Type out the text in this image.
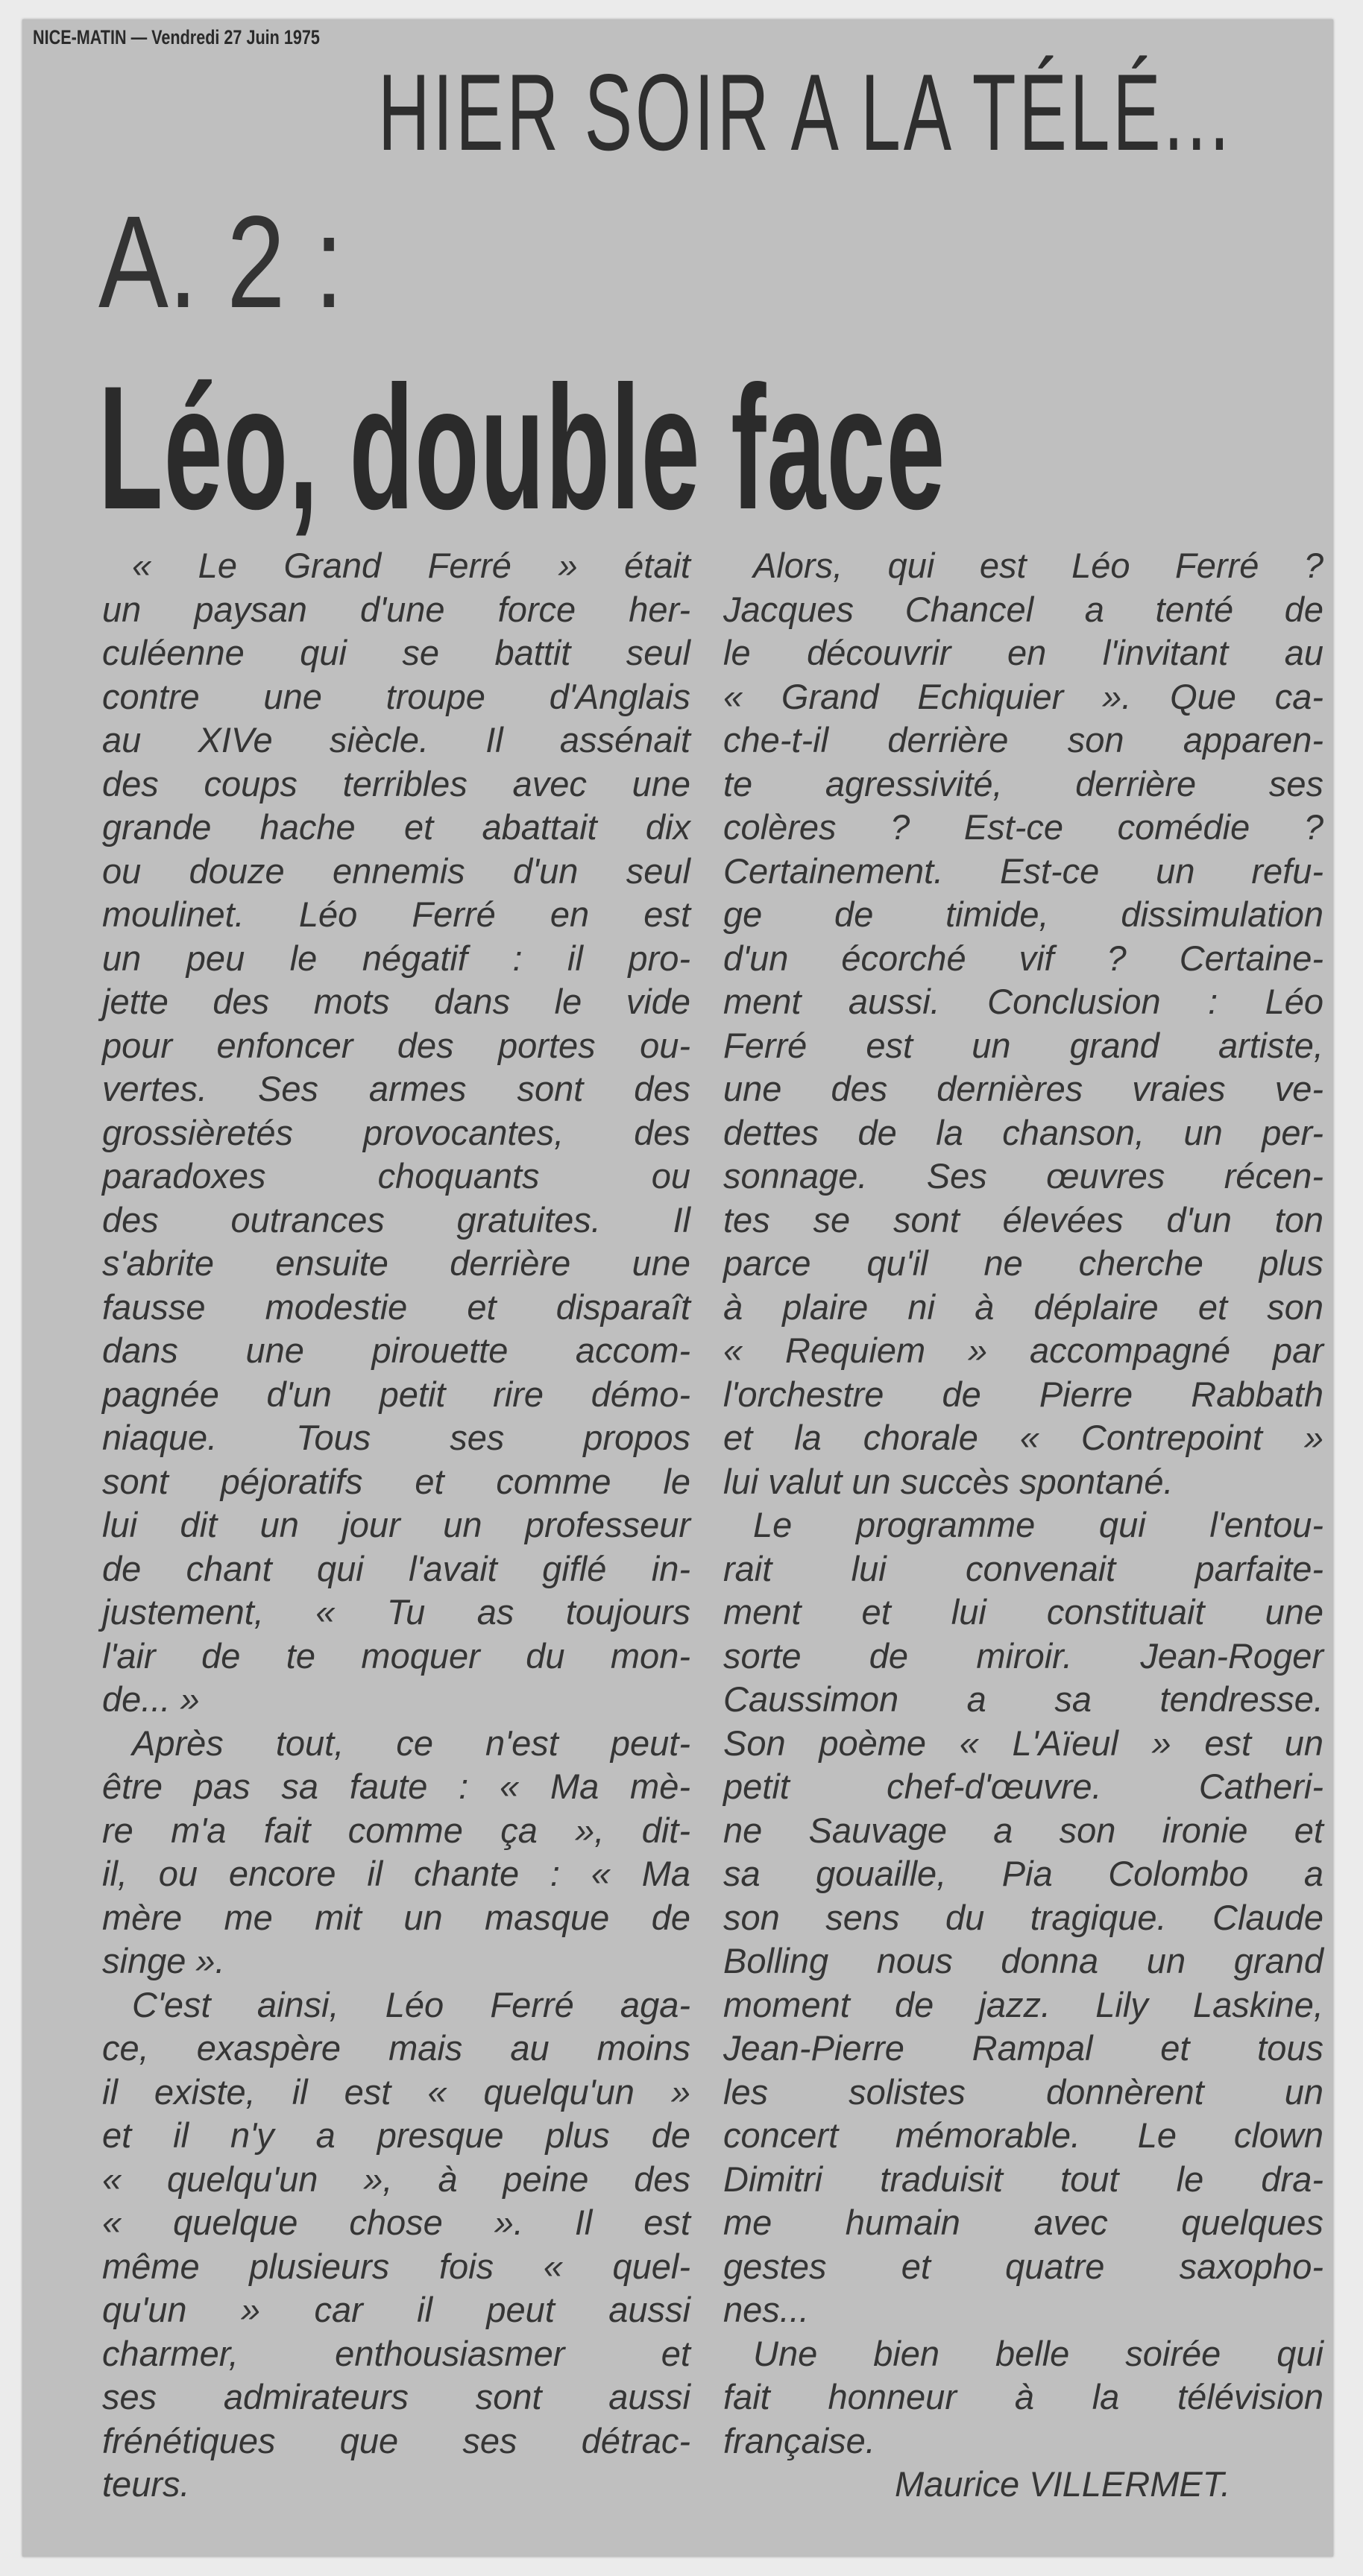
NICE-MATIN — Vendredi 27 Juin 1975
HIER SOIR A LA TÉLÉ...
A. 2 :
Léo, double face
« Le Grand Ferré » était
un paysan d'une force her-
culéenne qui se battit seul
contre une troupe d'Anglais
au XIVe siècle. Il assénait
des coups terribles avec une
grande hache et abattait dix
ou douze ennemis d'un seul
moulinet. Léo Ferré en est
un peu le négatif : il pro-
jette des mots dans le vide
pour enfoncer des portes ou-
vertes. Ses armes sont des
grossièretés provocantes, des
paradoxes choquants ou
des outrances gratuites. Il
s'abrite ensuite derrière une
fausse modestie et disparaît
dans une pirouette accom-
pagnée d'un petit rire démo-
niaque. Tous ses propos
sont péjoratifs et comme le
lui dit un jour un professeur
de chant qui l'avait giflé in-
justement, « Tu as toujours
l'air de te moquer du mon-
de... »
Après tout, ce n'est peut-
être pas sa faute : « Ma mè-
re m'a fait comme ça », dit-
il, ou encore il chante : « Ma
mère me mit un masque de
singe ».
C'est ainsi, Léo Ferré aga-
ce, exaspère mais au moins
il existe, il est « quelqu'un »
et il n'y a presque plus de
« quelqu'un », à peine des
« quelque chose ». Il est
même plusieurs fois « quel-
qu'un » car il peut aussi
charmer, enthousiasmer et
ses admirateurs sont aussi
frénétiques que ses détrac-
teurs.
Alors, qui est Léo Ferré ?
Jacques Chancel a tenté de
le découvrir en l'invitant au
« Grand Echiquier ». Que ca-
che-t-il derrière son apparen-
te agressivité, derrière ses
colères ? Est-ce comédie ?
Certainement. Est-ce un refu-
ge de timide, dissimulation
d'un écorché vif ? Certaine-
ment aussi. Conclusion : Léo
Ferré est un grand artiste,
une des dernières vraies ve-
dettes de la chanson, un per-
sonnage. Ses œuvres récen-
tes se sont élevées d'un ton
parce qu'il ne cherche plus
à plaire ni à déplaire et son
« Requiem » accompagné par
l'orchestre de Pierre Rabbath
et la chorale « Contrepoint »
lui valut un succès spontané.
Le programme qui l'entou-
rait lui convenait parfaite-
ment et lui constituait une
sorte de miroir. Jean-Roger
Caussimon a sa tendresse.
Son poème « L'Aïeul » est un
petit chef-d'œuvre. Catheri-
ne Sauvage a son ironie et
sa gouaille, Pia Colombo a
son sens du tragique. Claude
Bolling nous donna un grand
moment de jazz. Lily Laskine,
Jean-Pierre Rampal et tous
les solistes donnèrent un
concert mémorable. Le clown
Dimitri traduisit tout le dra-
me humain avec quelques
gestes et quatre saxopho-
nes...
Une bien belle soirée qui
fait honneur à la télévision
française.
Maurice VILLERMET.
